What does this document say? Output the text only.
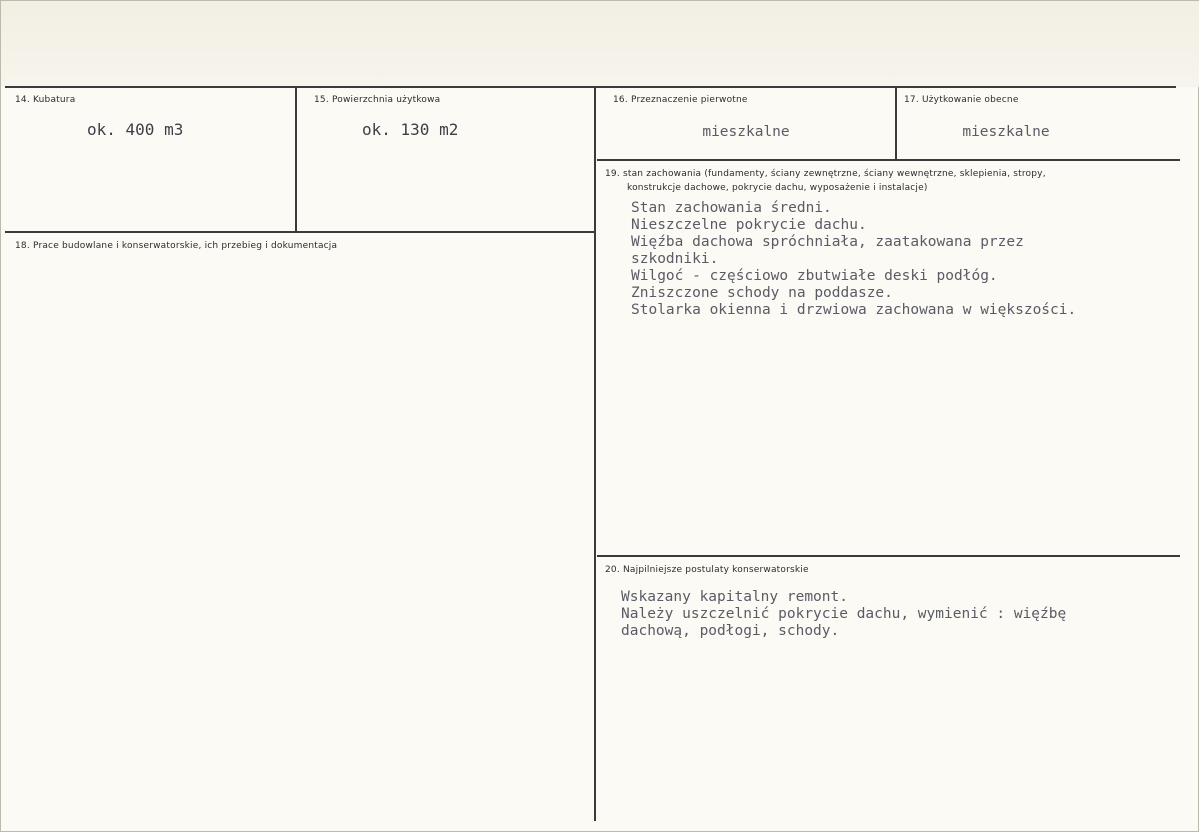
14. Kubatura
ok. 400 m3
15. Powierzchnia użytkowa
ok. 130 m2
16. Przeznaczenie pierwotne
mieszkalne
17. Użytkowanie obecne
mieszkalne
18. Prace budowlane i konserwatorskie, ich przebieg i dokumentacja
19. stan zachowania (fundamenty, ściany zewnętrzne, ściany wewnętrzne, sklepienia, stropy,
konstrukcje dachowe, pokrycie dachu, wyposażenie i instalacje)
Stan zachowania średni.
Nieszczelne pokrycie dachu.
Więźba dachowa spróchniała, zaatakowana przez
szkodniki.
Wilgoć - częściowo zbutwiałe deski podłóg.
Zniszczone schody na poddasze.
Stolarka okienna i drzwiowa zachowana w większości.
20. Najpilniejsze postulaty konserwatorskie
Wskazany kapitalny remont.
Należy uszczelnić pokrycie dachu, wymienić : więźbę
dachową, podłogi, schody.
